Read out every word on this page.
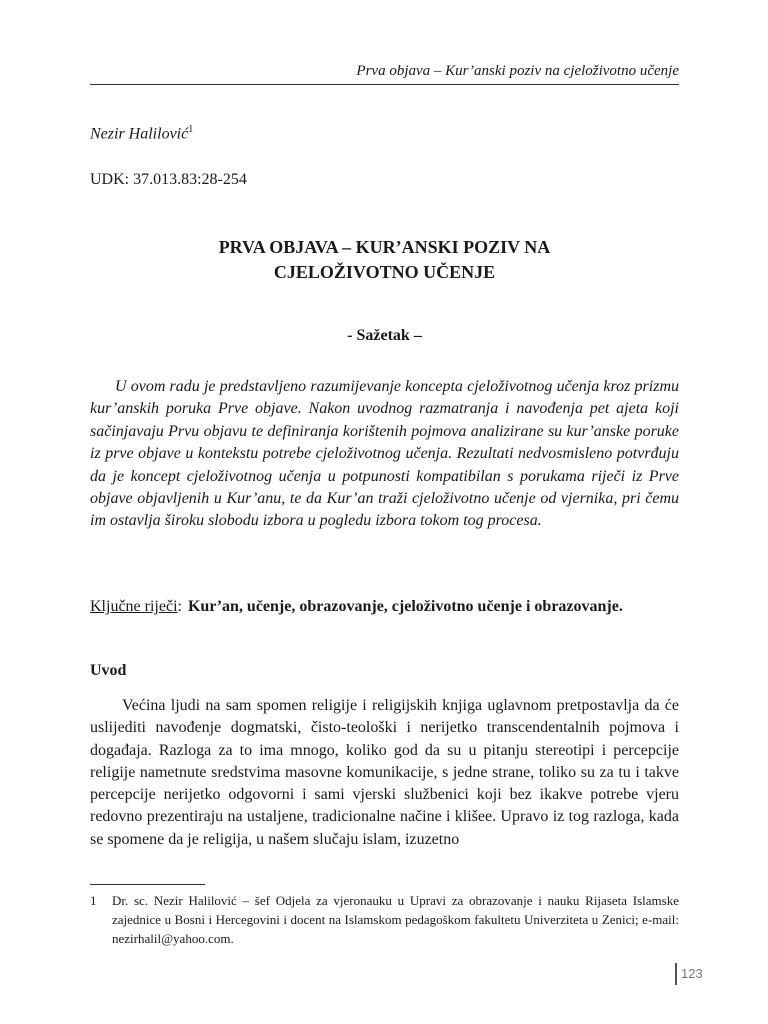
Prva objava – Kur’anski poziv na cjeloživotno učenje
Nezir Halilović$^1$
UDK: 37.013.83:28-254
PRVA OBJAVA – KUR’ANSKI POZIV NA
CJELOŽIVOTNO UČENJE
- Sažetak –

U ovom radu je predstavljeno razumijevanje koncepta cjeloživotnog učenja kroz prizmu kur’anskih poruka Prve objave. Nakon uvodnog razmatranja i navođenja pet ajeta koji sačinjavaju Prvu objavu te definiranja korištenih pojmova analizirane su kur’anske poruke iz prve objave u kontekstu potrebe cjeloživotnog učenja. Rezultati nedvosmisleno potvrđuju da je koncept cjeloživotnog učenja u potpunosti kompatibilan s porukama riječi iz Prve objave objavljenih u Kur’anu, te da Kur’an traži cjeloživotno učenje od vjernika, pri čemu im ostavlja široku slobodu izbora u pogledu izbora tokom tog procesa.

Ključne riječi : Kur’an, učenje, obrazovanje, cjeloživotno učenje i obrazovanje.
Uvod

Većina ljudi na sam spomen religije i religijskih knjiga uglavnom pretpostavlja da će uslijediti navođenje dogmatski, čisto-teološki i nerijetko transcendentalnih pojmova i događaja. Razloga za to ima mnogo, koliko god da su u pitanju stereotipi i percepcije religije nametnute sredstvima masovne komunikacije, s jedne strane, toliko su za tu i takve percepcije nerijetko odgovorni i sami vjerski službenici koji bez ikakve potrebe vjeru redovno prezentiraju na ustaljene, tradicionalne načine i klišee. Upravo iz tog razloga, kada se spomene da je religija, u našem slučaju islam, izuzetno

1	Dr. sc. Nezir Halilović – šef Odjela za vjeronauku u Upravi za obrazovanje i nauku Rijaseta Islamske zajednice u Bosni i Hercegovini i docent na Islamskom pedagoškom fakultetu Univerziteta u Zenici; e-mail: nezirhalil@yahoo.com.
123
